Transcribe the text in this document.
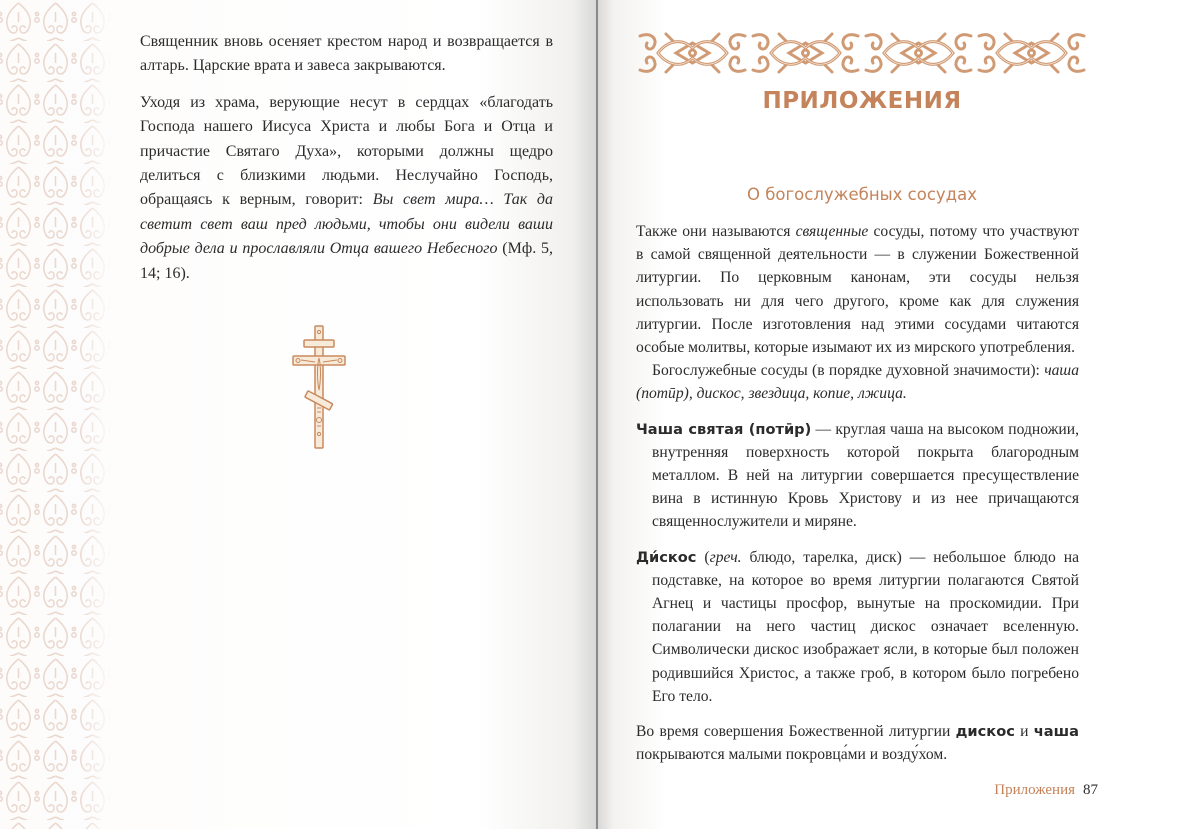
Священник вновь осеняет крестом народ и возвращается в алтарь. Царские врата и завеса закрываются.

Уходя из храма, верующие несут в сердцах «благодать Господа нашего Иисуса Христа и любы Бога и Отца и причастие Святаго Духа», которыми должны щедро делиться с близкими людьми. Неслучайно Господь, обращаясь к верным, говорит: Вы свет мира… Так да светит свет ваш пред людьми, чтобы они видели ваши добрые дела и прославляли Отца вашего Небесного (Мф. 5, 14; 16).

ПРИЛОЖЕНИЯ
О богослужебных сосудах

Также они называются священные сосуды, потому что участвуют в самой священной деятельности — в служении Божественной литургии. По церковным канонам, эти сосуды нельзя использовать ни для чего другого, кроме как для служения литургии. После изготовления над этими сосудами читаются особые молитвы, которые изымают их из мирского употребления.

Богослужебные сосуды (в порядке духовной значимости): чаша (потӣр), дискос, звездица, копие, лжица.

Чаша святая (потӣр) — круглая чаша на высоком подножии, внутренняя поверхность которой покрыта благородным металлом. В ней на литургии совершается пресуществление вина в истинную Кровь Христову и из нее причащаются священнослужители и миряне.

Ди́скос (греч. блюдо, тарелка, диск) — небольшое блюдо на подставке, на которое во время литургии полагаются Святой Агнец и частицы просфор, вынутые на проскомидии. При полагании на него частиц дискос означает вселенную. Символически дискос изображает ясли, в которые был положен родившийся Христос, а также гроб, в котором было погребено Его тело.

Во время совершения Божественной литургии дискос и чаша покрываются малыми покровца́ми и возду́хом.

Приложения 87
